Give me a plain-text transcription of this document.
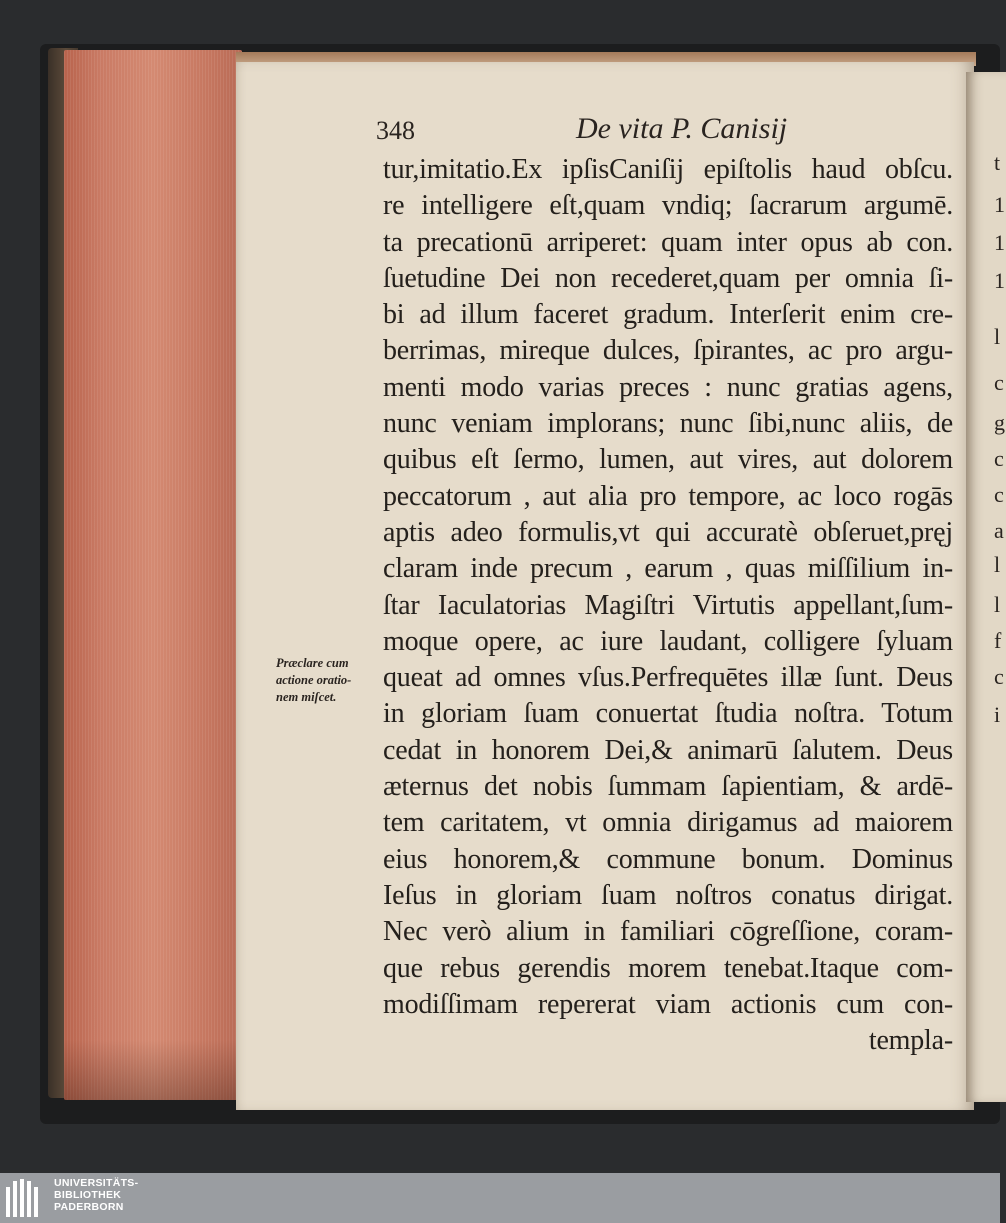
t
1
1
1
l
c
g
c
c
a
l
l
f
c
i
348	De vita P. Canisij
tur,imitatio.Ex ipſisCaniſij epiſtolis haud obſcu.
re intelligere eſt,quam vndiq; ſacrarum argumē.
ta precationū arriperet: quam inter opus ab con.
ſuetudine Dei non recederet,quam per omnia ſi-
bi ad illum faceret gradum. Interſerit enim cre-
berrimas, mireque dulces, ſpirantes, ac pro argu-
menti modo varias preces : nunc gratias agens,
nunc veniam implorans; nunc ſibi,nunc aliis, de
quibus eſt ſermo, lumen, aut vires, aut dolorem
peccatorum , aut alia pro tempore, ac loco rogās
aptis adeo formulis,vt qui accuratè obſeruet,pręj
claram inde precum , earum , quas miſſilium in-
ſtar Iaculatorias Magiſtri Virtutis appellant,ſum-
moque opere, ac iure laudant, colligere ſyluam
queat ad omnes vſus.Perfrequētes illæ ſunt. Deus
in gloriam ſuam conuertat ſtudia noſtra. Totum
cedat in honorem Dei,& animarū ſalutem. Deus
æternus det nobis ſummam ſapientiam, & ardē-
tem caritatem, vt omnia dirigamus ad maiorem
eius honorem,& commune bonum. Dominus
Ieſus in gloriam ſuam noſtros conatus dirigat.
Nec verò alium in familiari cōgreſſione, coram-
que rebus gerendis morem tenebat.Itaque com-
modiſſimam repererat viam actionis cum con-
templa-
Præclare cum
actione oratio-
nem miſcet.
UNIVERSITÄTS-
BIBLIOTHEK
PADERBORN
